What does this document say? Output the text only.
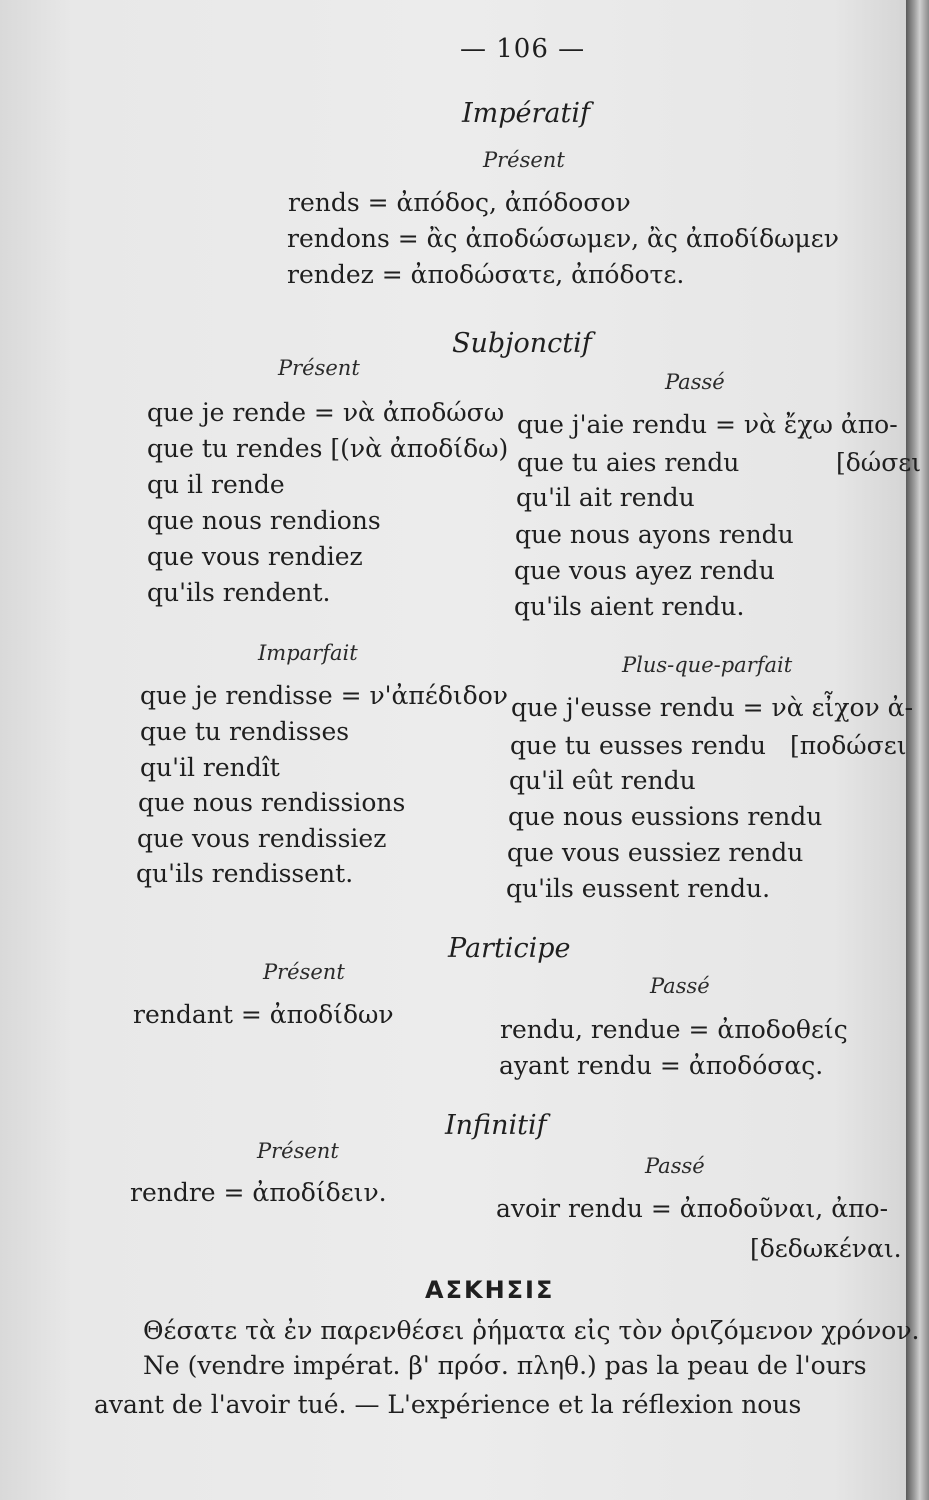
— 106 —
Impératif
Présent
rends = ἀπόδος, ἀπόδοσον
rendons = ἂς ἀποδώσωμεν, ἂς ἀποδίδωμεν
rendez = ἀποδώσατε, ἀπόδοτε.
Subjonctif
Présent
Passé
que je rende = νὰ ἀποδώσω
que tu rendes [(νὰ ἀποδίδω)
qu il rende
que nous rendions
que vous rendiez
qu'ils rendent.
que j'aie rendu = νὰ ἔχω ἀπο-
que tu aies rendu	[δώσει
qu'il ait rendu
que nous ayons rendu
que vous ayez rendu
qu'ils aient rendu.
Imparfait	Plus-que-parfait
que je rendisse = ν'ἀπέδιδον
que tu rendisses
qu'il rendît
que nous rendissions
que vous rendissiez
qu'ils rendissent.
que j'eusse rendu = νὰ εἶχον ἀ-
que tu eusses rendu [ποδώσει
qu'il eût rendu
que nous eussions rendu
que vous eussiez rendu
qu'ils eussent rendu.
Participe
Présent
Passé
rendant = ἀποδίδων
rendu, rendue = ἀποδοθείς
ayant rendu = ἀποδόσας.
Infinitif
Présent
Passé
rendre = ἀποδίδειν.
avoir rendu = ἀποδοῦναι, ἀπο-
[δεδωκέναι.
ΑΣΚΗΣΙΣ
Θέσατε τὰ ἐν παρενθέσει ῥήματα εἰς τὸν ὁριζόμενον χρόνον.
Ne (vendre impérat. β' πρόσ. πληθ.) pas la peau de l'ours
avant de l'avoir tué. — L'expérience et la réflexion nous
